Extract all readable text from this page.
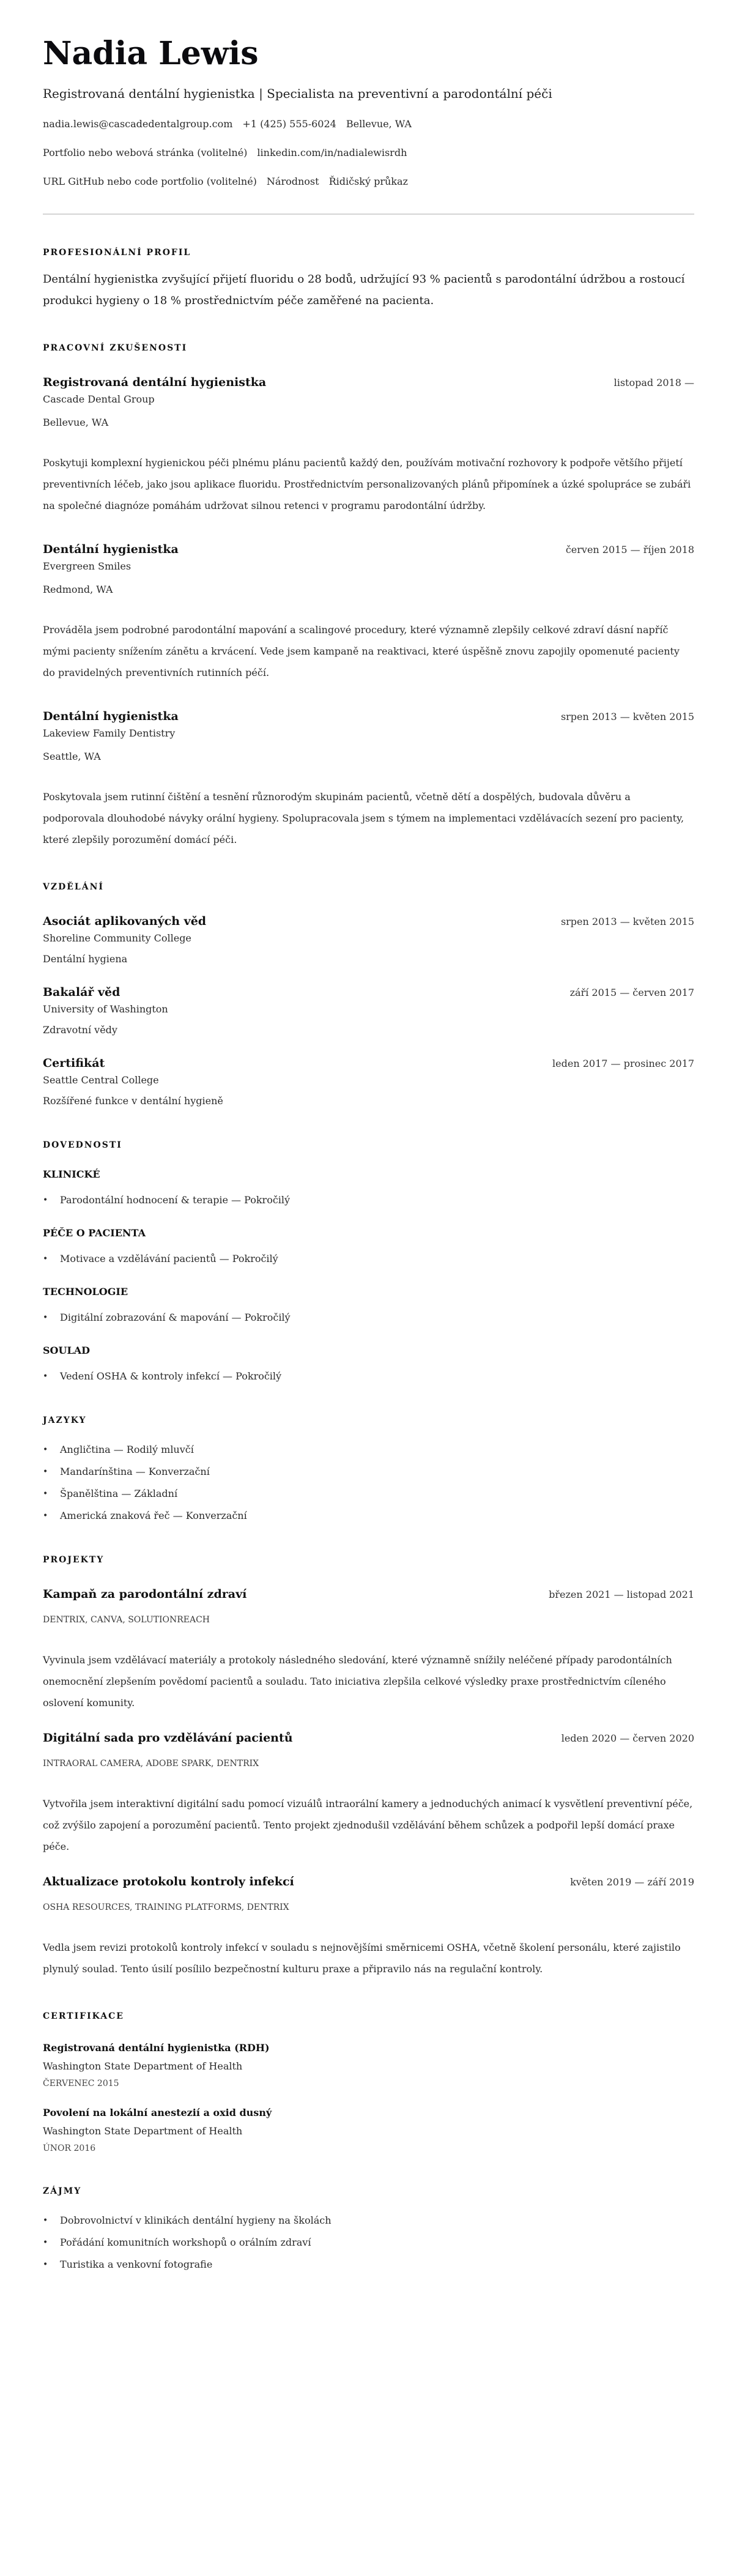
Nadia Lewis
Registrovaná dentální hygienistka | Specialista na preventivní a parodontální péči
nadia.lewis@cascadedentalgroup.com +1 (425) 555-6024 Bellevue, WA
Portfolio nebo webová stránka (volitelné) linkedin.com/in/nadialewisrdh
URL GitHub nebo code portfolio (volitelné) Národnost Řidičský průkaz
PROFESIONÁLNÍ PROFIL

Dentální hygienistka zvyšující přijetí fluoridu o 28 bodů, udržující 93 % pacientů s parodontální údržbou a rostoucí produkci hygieny o 18 % prostřednictvím péče zaměřené na pacienta.

PRACOVNÍ ZKUŠENOSTI
Registrovaná dentální hygienistka	listopad 2018 —
Cascade Dental Group
Bellevue, WA

Poskytuji komplexní hygienickou péči plnému plánu pacientů každý den, používám motivační rozhovory k podpoře většího přijetí preventivních léčeb, jako jsou aplikace fluoridu. Prostřednictvím personalizovaných plánů připomínek a úzké spolupráce se zubáři na společné diagnóze pomáhám udržovat silnou retenci v programu parodontální údržby.

Dentální hygienistka	červen 2015 — říjen 2018
Evergreen Smiles
Redmond, WA

Prováděla jsem podrobné parodontální mapování a scalingové procedury, které významně zlepšily celkové zdraví dásní napříč mými pacienty snížením zánětu a krvácení. Vede jsem kampaně na reaktivaci, které úspěšně znovu zapojily opomenuté pacienty do pravidelných preventivních rutinních péčí.

Dentální hygienistka	srpen 2013 — květen 2015
Lakeview Family Dentistry
Seattle, WA

Poskytovala jsem rutinní čištění a tesnění různorodým skupinám pacientů, včetně dětí a dospělých, budovala důvěru a podporovala dlouhodobé návyky orální hygieny. Spolupracovala jsem s týmem na implementaci vzdělávacích sezení pro pacienty, které zlepšily porozumění domácí péči.

VZDĚLÁNÍ
Asociát aplikovaných věd	srpen 2013 — květen 2015
Shoreline Community College
Dentální hygiena
Bakalář věd	září 2015 — červen 2017
University of Washington
Zdravotní vědy
Certifikát	leden 2017 — prosinec 2017
Seattle Central College
Rozšířené funkce v dentální hygieně
DOVEDNOSTI
KLINICKÉ
• Parodontální hodnocení & terapie — Pokročilý
PÉČE O PACIENTA
• Motivace a vzdělávání pacientů — Pokročilý
TECHNOLOGIE
• Digitální zobrazování & mapování — Pokročilý
SOULAD
• Vedení OSHA & kontroly infekcí — Pokročilý
JAZYKY
• Angličtina — Rodilý mluvčí
• Mandarínština — Konverzační
• Španělština — Základní
• Americká znaková řeč — Konverzační
PROJEKTY
Kampaň za parodontální zdraví	březen 2021 — listopad 2021
DENTRIX, CANVA, SOLUTIONREACH

Vyvinula jsem vzdělávací materiály a protokoly následného sledování, které významně snížily neléčené případy parodontálních onemocnění zlepšením povědomí pacientů a souladu. Tato iniciativa zlepšila celkové výsledky praxe prostřednictvím cíleného oslovení komunity.

Digitální sada pro vzdělávání pacientů	leden 2020 — červen 2020
INTRAORAL CAMERA, ADOBE SPARK, DENTRIX

Vytvořila jsem interaktivní digitální sadu pomocí vizuálů intraorální kamery a jednoduchých animací k vysvětlení preventivní péče, což zvýšilo zapojení a porozumění pacientů. Tento projekt zjednodušil vzdělávání během schůzek a podpořil lepší domácí praxe péče.

Aktualizace protokolu kontroly infekcí	květen 2019 — září 2019
OSHA RESOURCES, TRAINING PLATFORMS, DENTRIX

Vedla jsem revizi protokolů kontroly infekcí v souladu s nejnovějšími směrnicemi OSHA, včetně školení personálu, které zajistilo plynulý soulad. Tento úsilí posílilo bezpečnostní kulturu praxe a připravilo nás na regulační kontroly.

CERTIFIKACE
Registrovaná dentální hygienistka (RDH)
Washington State Department of Health
ČERVENEC 2015
Povolení na lokální anestezií a oxid dusný
Washington State Department of Health
ÚNOR 2016
ZÁJMY
• Dobrovolnictví v klinikách dentální hygieny na školách
• Pořádání komunitních workshopů o orálním zdraví
• Turistika a venkovní fotografie
